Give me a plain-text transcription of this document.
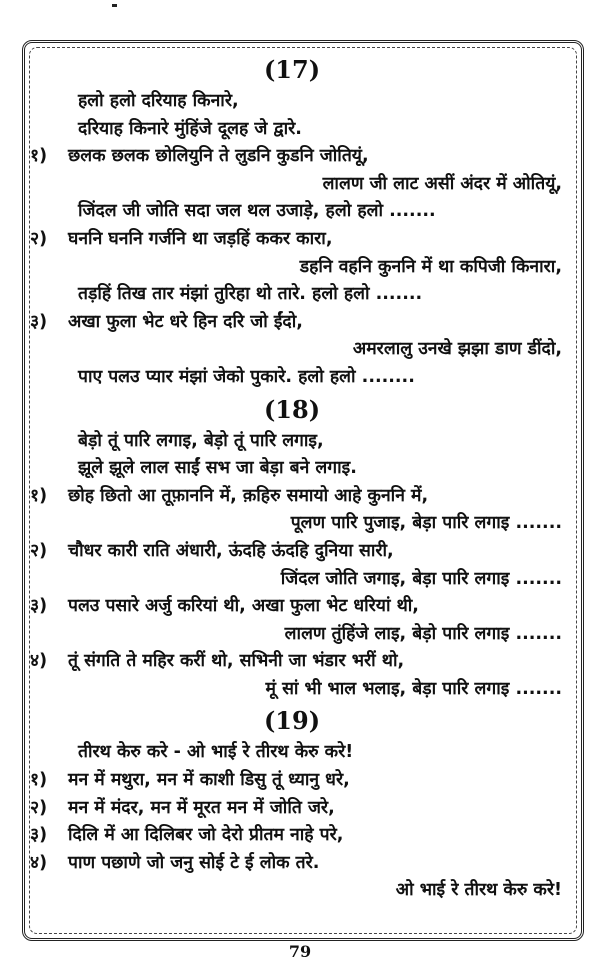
(17)
हलो हलो दरियाह किनारे,
दरियाह किनारे मुंहिंजे दूलह जे द्वारे.
१) छलक छलक छोलियुनि ते लुडनि कुडनि जोतियूं,
लालण जी लाट असीं अंदर में ओतियूं,
जिंदल जी जोति सदा जल थल उजाड़े, हलो हलो .......
२) घननि घननि गर्जनि था जड़हिं ककर कारा,
डहनि वहनि कुननि में था कपिजी किनारा,
तड़हिं तिख तार मंझां तुरिहा थो तारे. हलो हलो .......
३) अखा फुला भेट धरे हिन दरि जो ईंदो,
अमरलालु उनखे झझा डाण डींदो,
पाए पलउ प्यार मंझां जेको पुकारे. हलो हलो ........
(18)
बेड़ो तूं पारि लगाइ, बेड़ो तूं पारि लगाइ,
झूले झूले लाल साईं सभ जा बेड़ा बने लगाइ.
१) छोह छितो आ तूफ़ाननि में, क़हिरु समायो आहे कुननि में,
पूलण पारि पुजाइ, बेड़ा पारि लगाइ .......
२) चौधर कारी राति अंधारी, ऊंदहि ऊंदहि दुनिया सारी,
जिंदल जोति जगाइ, बेड़ा पारि लगाइ .......
३) पलउ पसारे अर्जु करियां थी, अखा फुला भेट धरियां थी,
लालण तुंहिंजे लाइ, बेड़ो पारि लगाइ .......
४) तूं संगति ते महिर करीं थो, सभिनी जा भंडार भरीं थो,
मूं सां भी भाल भलाइ, बेड़ा पारि लगाइ .......
(19)
तीरथ केरु करे - ओ भाई रे तीरथ केरु करे!
१) मन में मथुरा, मन में काशी डिसु तूं ध्यानु धरे,
२) मन में मंदर, मन में मूरत मन में जोति जरे,
३) दिलि में आ दिलिबर जो देरो प्रीतम नाहे परे,
४) पाण पछाणे जो जनु सोई टे ई लोक तरे.
ओ भाई रे तीरथ केरु करे!
79
